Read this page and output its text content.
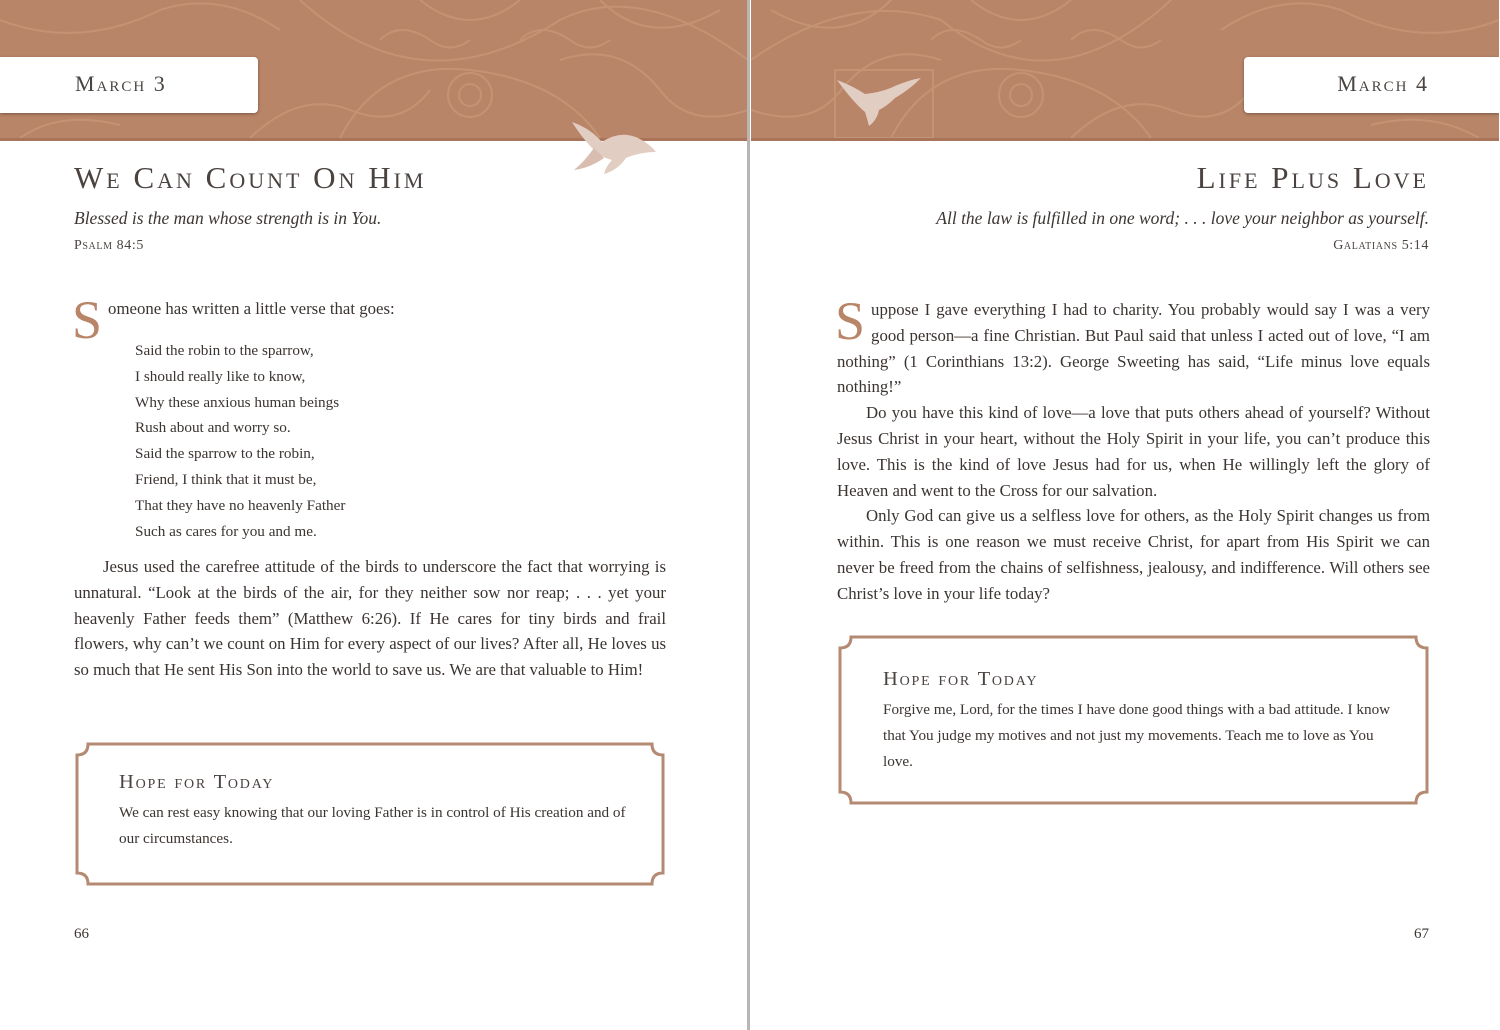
March 3
We Can Count On Him
Blessed is the man whose strength is in You.
Psalm 84:5

Someone has written a little verse that goes:

Said the robin to the sparrow,
I should really like to know,
Why these anxious human beings
Rush about and worry so.
Said the sparrow to the robin,
Friend, I think that it must be,
That they have no heavenly Father
Such as cares for you and me.

Jesus used the carefree attitude of the birds to underscore the fact that worrying is unnatural. “Look at the birds of the air, for they neither sow nor reap; . . . yet your heavenly Father feeds them” (Matthew 6:26). If He cares for tiny birds and frail flowers, why can’t we count on Him for every aspect of our lives? After all, He loves us so much that He sent His Son into the world to save us. We are that valuable to Him!

Hope for Today
We can rest easy knowing that our loving Father is in control of His creation and of our circumstances.
66
March 4
Life Plus Love
All the law is fulfilled in one word; . . . love your neighbor as yourself.
Galatians 5:14

Suppose I gave everything I had to charity. You probably would say I was a very good person—a fine Christian. But Paul said that unless I acted out of love, “I am nothing” (1 Corinthians 13:2). George Sweeting has said, “Life minus love equals nothing!”

Do you have this kind of love—a love that puts others ahead of yourself? Without Jesus Christ in your heart, without the Holy Spirit in your life, you can’t produce this love. This is the kind of love Jesus had for us, when He willingly left the glory of Heaven and went to the Cross for our salvation.

Only God can give us a selfless love for others, as the Holy Spirit changes us from within. This is one reason we must receive Christ, for apart from His Spirit we can never be freed from the chains of selfishness, jealousy, and indifference. Will others see Christ’s love in your life today?

Hope for Today
Forgive me, Lord, for the times I have done good things with a bad attitude. I know that You judge my motives and not just my movements. Teach me to love as You love.
67
